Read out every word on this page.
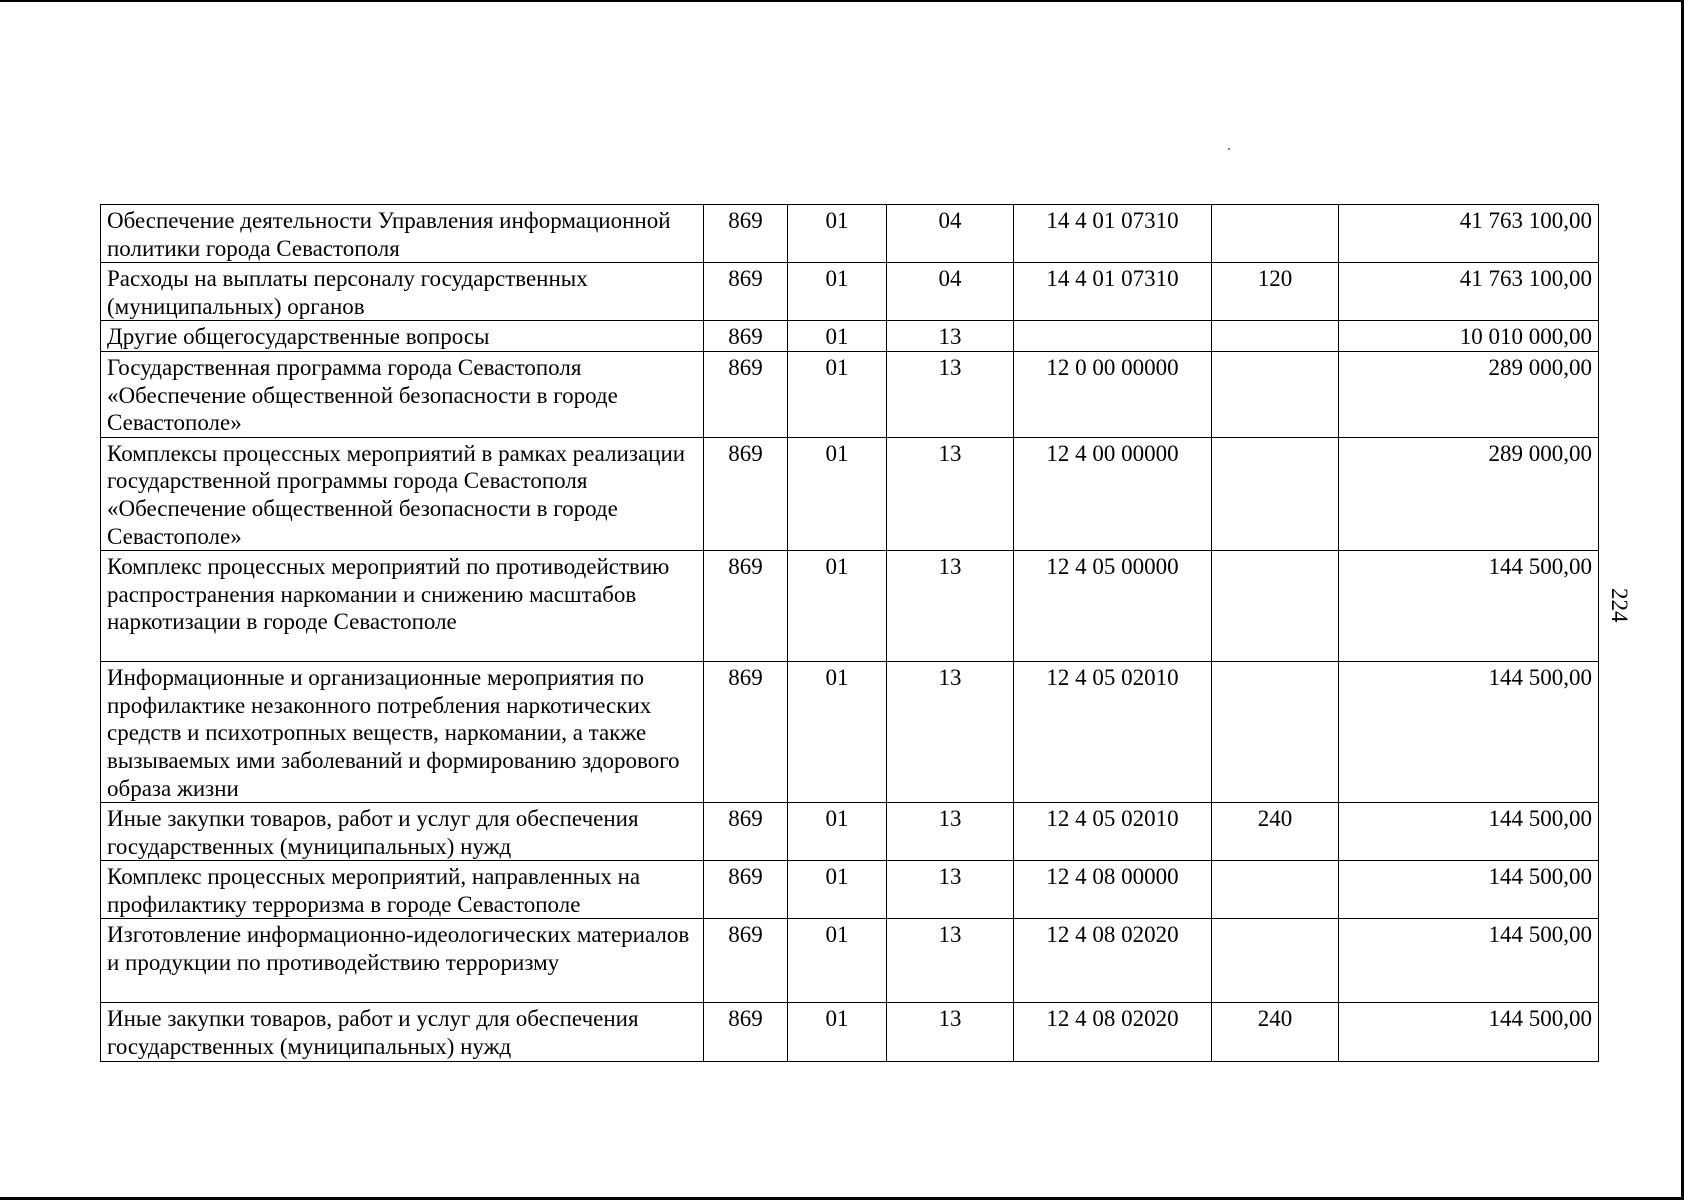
Обеспечение деятельности Управления информационной политики города Севастополя	869	01	04	14 4 01 07310		41 763 100,00
Расходы на выплаты персоналу государственных (муниципальных) органов	869	01	04	14 4 01 07310	120	41 763 100,00
Другие общегосударственные вопросы	869	01	13			10 010 000,00
Государственная программа города Севастополя «Обеспечение общественной безопасности в городе Севастополе»	869	01	13	12 0 00 00000		289 000,00
Комплексы процессных мероприятий в рамках реализации государственной программы города Севастополя «Обеспечение общественной безопасности в городе Севастополе»	869	01	13	12 4 00 00000		289 000,00
Комплекс процессных мероприятий по противодействию распространения наркомании и снижению масштабов наркотизации в городе Севастополе	869	01	13	12 4 05 00000		144 500,00
Информационные и организационные мероприятия по профилактике незаконного потребления наркотических средств и психотропных веществ, наркомании, а также вызываемых ими заболеваний и формированию здорового образа жизни	869	01	13	12 4 05 02010		144 500,00
Иные закупки товаров, работ и услуг для обеспечения государственных (муниципальных) нужд	869	01	13	12 4 05 02010	240	144 500,00
Комплекс процессных мероприятий, направленных на профилактику терроризма в городе Севастополе	869	01	13	12 4 08 00000		144 500,00
Изготовление информационно-идеологических материалов и продукции по противодействию терроризму	869	01	13	12 4 08 02020		144 500,00
Иные закупки товаров, работ и услуг для обеспечения государственных (муниципальных) нужд	869	01	13	12 4 08 02020	240	144 500,00
224
